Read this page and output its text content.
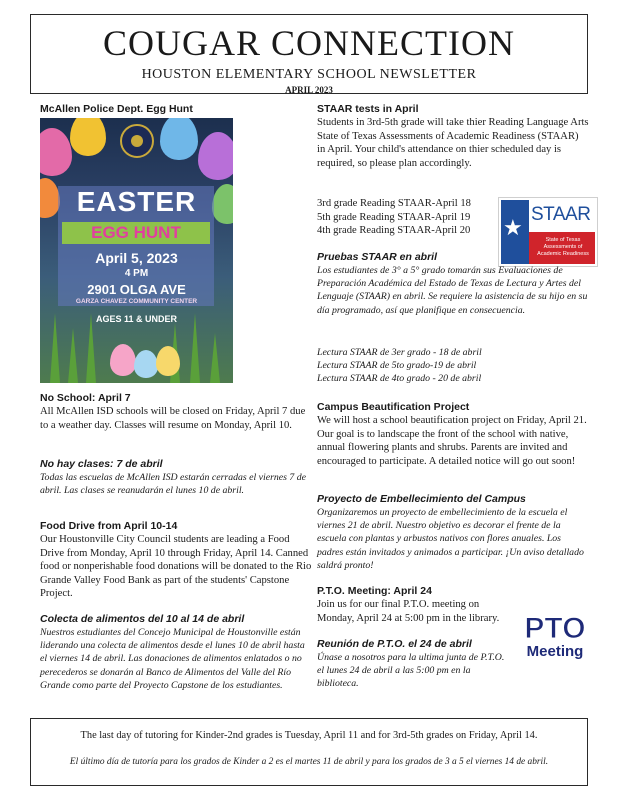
COUGAR CONNECTION
HOUSTON ELEMENTARY SCHOOL NEWSLETTER
APRIL 2023
McAllen Police Dept. Egg Hunt
EASTER
EGG HUNT
April 5, 2023
4 PM
2901 OLGA AVE
GARZA CHAVEZ COMMUNITY CENTER
AGES 11 & UNDER
No School: April 7
All McAllen ISD schools will be closed on Friday, April 7 due to a weather day. Classes will resume on Monday, April 10.
No hay clases: 7 de abril
Todas las escuelas de McAllen ISD estarán cerradas el viernes 7 de abril. Las clases se reanudarán el lunes 10 de abril.
Food Drive from April 10-14
Our Houstonville City Council students are leading a Food Drive from Monday, April 10 through Friday, April 14. Canned food or nonperishable food donations will be donated to the Rio Grande Valley Food Bank as part of the students' Capstone Project.
Colecta de alimentos del 10 al 14 de abril
Nuestros estudiantes del Concejo Municipal de Houstonville están liderando una colecta de alimentos desde el lunes 10 de abril hasta el viernes 14 de abril. Las donaciones de alimentos enlatados o no perecederos se donarán al Banco de Alimentos del Valle del Río Grande como parte del Proyecto Capstone de los estudiantes.
STAAR tests in April
Students in 3rd-5th grade will take thier Reading Language Arts State of Texas Assessments of Academic Readiness (STAAR) in April. Your child's attendance on thier scheduled day is required, so please plan accordingly.
3rd grade Reading STAAR-April 18
5th grade Reading STAAR-April 19
4th grade Reading STAAR-April 20	★
STAAR
State of Texas Assessments of Academic Readiness
Pruebas STAAR en abril
Los estudiantes de 3° a 5° grado tomarán sus Evaluaciones de Preparación Académica del Estado de Texas de Lectura y Artes del Lenguaje (STAAR) en abril. Se requiere la asistencia de su hijo en su día programado, así que planifique en consecuencia.
Lectura STAAR de 3er grado - 18 de abril
Lectura STAAR de 5to grado-19 de abril
Lectura STAAR de 4to grado - 20 de abril
Campus Beautification Project
We will host a school beautification project on Friday, April 21. Our goal is to landscape the front of the school with native, annual flowering plants and shrubs. Parents are invited and encouraged to participate. A detailed notice will go out soon!
Proyecto de Embellecimiento del Campus
Organizaremos un proyecto de embellecimiento de la escuela el viernes 21 de abril. Nuestro objetivo es decorar el frente de la escuela con plantas y arbustos nativos con flores anuales. Los padres están invitados y animados a participar. ¡Un aviso detallado saldrá pronto!
P.T.O. Meeting: April 24
Join us for our final P.T.O. meeting on Monday, April 24 at 5:00 pm in the library. PTO
Meeting
Reunión de P.T.O. el 24 de abril
Únase a nosotros para la ultima junta de P.T.O. el lunes 24 de abril a las 5:00 pm en la biblioteca.
The last day of tutoring for Kinder-2nd grades is Tuesday, April 11 and for 3rd-5th grades on Friday, April 14.
El último día de tutoría para los grados de Kinder a 2 es el martes 11 de abril y para los grados de 3 a 5 el viernes 14 de abril.
